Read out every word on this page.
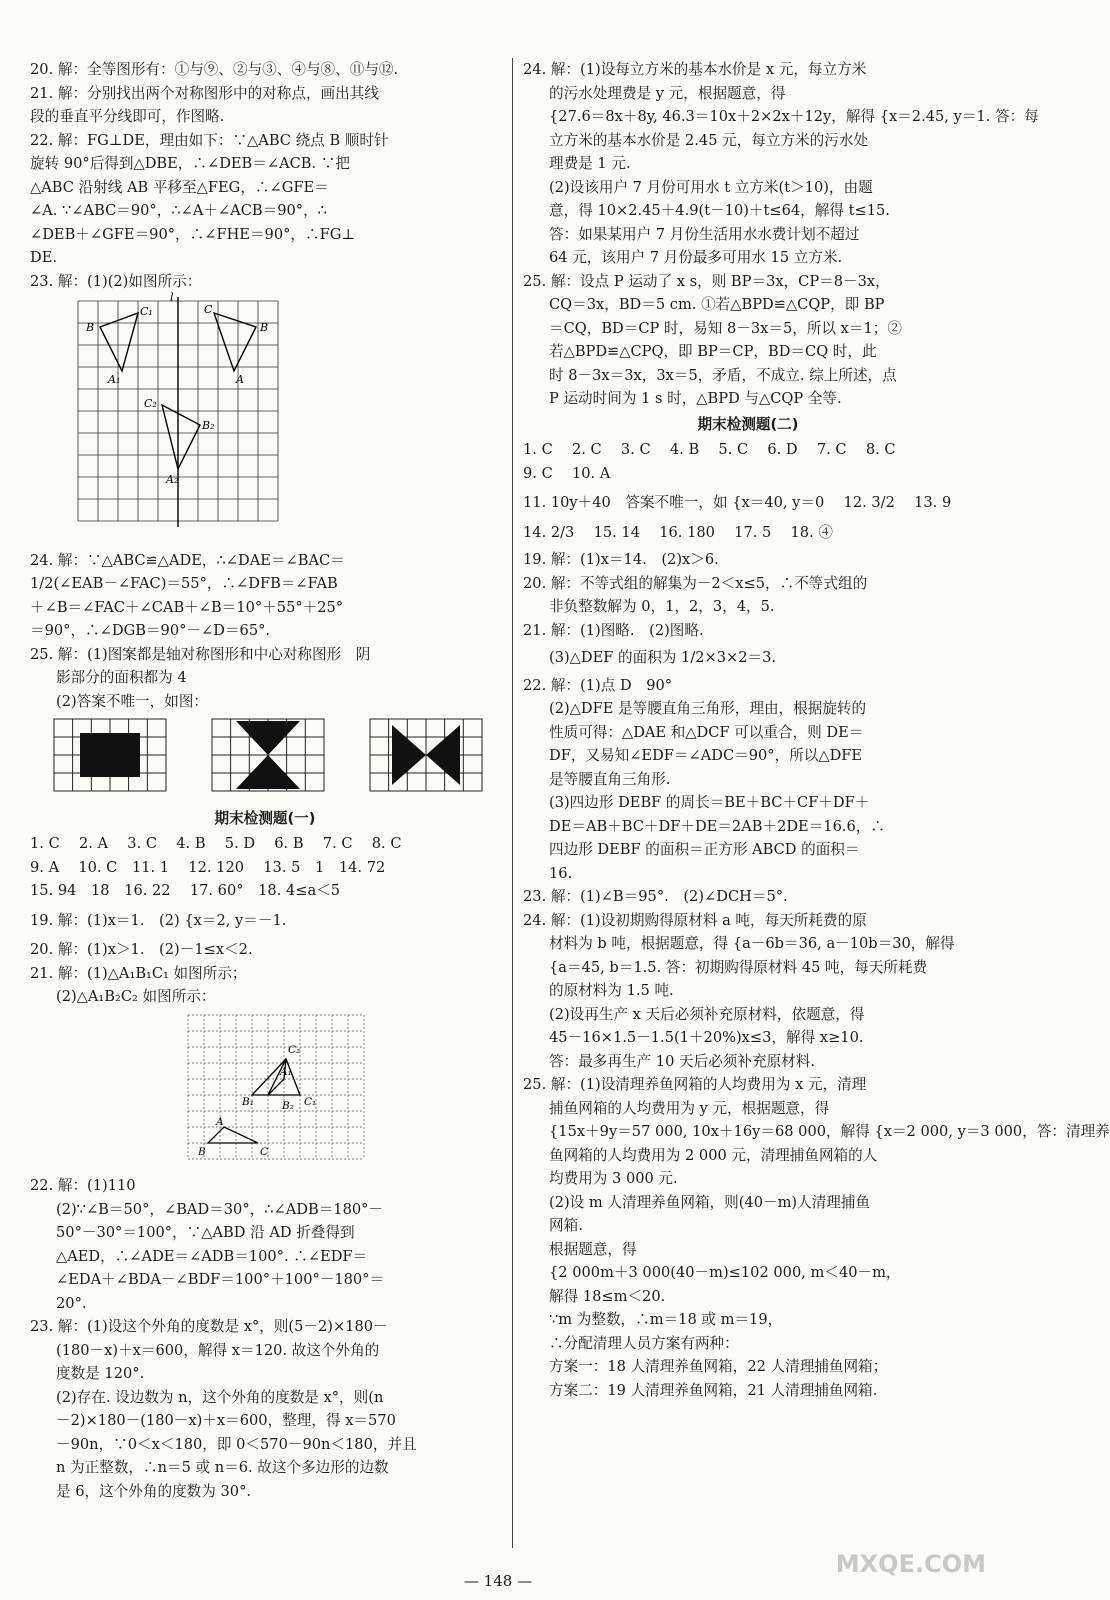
20. 解：全等图形有：①与⑨、②与③、④与⑧、⑪与⑫.
21. 解：分别找出两个对称图形中的对称点，画出其线
段的垂直平分线即可，作图略.
22. 解：FG⊥DE，理由如下：∵△ABC 绕点 B 顺时针
旋转 90°后得到△DBE，∴∠DEB＝∠ACB. ∵把
△ABC 沿射线 AB 平移至△FEG，∴∠GFE＝
∠A. ∵∠ABC＝90°，∴∠A＋∠ACB＝90°，∴
∠DEB＋∠GFE＝90°，∴∠FHE＝90°，∴FG⊥
DE.
23. 解：(1)(2)如图所示：
l
B
C₁
A₁
C
B
A
C₂
B₂
A₂
24. 解：∵△ABC≌△ADE，∴∠DAE＝∠BAC＝
1/2(∠EAB－∠FAC)＝55°，∴∠DFB＝∠FAB
＋∠B＝∠FAC＋∠CAB＋∠B＝10°＋55°＋25°
＝90°，∴∠DGB＝90°－∠D＝65°.
25. 解：(1)图案都是轴对称图形和中心对称图形　阴
影部分的面积都为 4
(2)答案不唯一，如图：
期末检测题(一)
1. C　 2. A　 3. C　 4. B　 5. D　 6. B　 7. C　 8. C
9. A　 10. C　11. 1　 12. 120　 13. 5　1　14. 72
15. 94　18　16. 22　 17. 60°　18. 4≤a＜5
19. 解：(1)x＝1.　(2) {x＝2, y＝－1.
20. 解：(1)x＞1.　(2)－1≤x＜2.
21. 解：(1)△A₁B₁C₁ 如图所示；
(2)△A₁B₂C₂ 如图所示：
C₂
A₁
B₁	B₂ C₁
A
B	C
22. 解：(1)110
(2)∵∠B＝50°，∠BAD＝30°，∴∠ADB＝180°－
50°－30°＝100°，∵△ABD 沿 AD 折叠得到
△AED，∴∠ADE＝∠ADB＝100°. ∴∠EDF＝
∠EDA＋∠BDA－∠BDF＝100°＋100°－180°＝
20°.
23. 解：(1)设这个外角的度数是 x°，则(5－2)×180－
(180－x)＋x＝600，解得 x＝120. 故这个外角的
度数是 120°.
(2)存在. 设边数为 n，这个外角的度数是 x°，则(n
－2)×180－(180－x)＋x＝600，整理，得 x＝570
－90n，∵0＜x＜180，即 0＜570－90n＜180，并且
n 为正整数，∴n＝5 或 n＝6. 故这个多边形的边数
是 6，这个外角的度数为 30°.
24. 解：(1)设每立方米的基本水价是 x 元，每立方米
的污水处理费是 y 元，根据题意，得
{27.6＝8x＋8y, 46.3＝10x＋2×2x＋12y，解得 {x＝2.45, y＝1. 答：每
立方米的基本水价是 2.45 元，每立方米的污水处
理费是 1 元.
(2)设该用户 7 月份可用水 t 立方米(t＞10)，由题
意，得 10×2.45＋4.9(t－10)＋t≤64，解得 t≤15.
答：如果某用户 7 月份生活用水水费计划不超过
64 元，该用户 7 月份最多可用水 15 立方米.
25. 解：设点 P 运动了 x s，则 BP＝3x，CP＝8－3x，
CQ＝3x，BD＝5 cm. ①若△BPD≌△CQP，即 BP
＝CQ，BD＝CP 时，易知 8－3x＝5，所以 x＝1；②
若△BPD≌△CPQ，即 BP＝CP，BD＝CQ 时，此
时 8－3x＝3x，3x＝5，矛盾，不成立. 综上所述，点
P 运动时间为 1 s 时，△BPD 与△CQP 全等.
期末检测题(二)
1. C　 2. C　 3. C　 4. B　 5. C　 6. D　 7. C　 8. C
9. C　 10. A
11. 10y＋40　答案不唯一，如 {x＝40, y＝0　 12. 3/2　 13. 9
14. 2/3　 15. 14　 16. 180　 17. 5　 18. ④
19. 解：(1)x＝14.　(2)x＞6.
20. 解：不等式组的解集为－2＜x≤5，∴不等式组的
非负整数解为 0，1，2，3，4，5.
21. 解：(1)图略.　(2)图略.
(3)△DEF 的面积为 1/2×3×2＝3.
22. 解：(1)点 D　90°
(2)△DFE 是等腰直角三角形，理由，根据旋转的
性质可得：△DAE 和△DCF 可以重合，则 DE＝
DF，又易知∠EDF＝∠ADC＝90°，所以△DFE
是等腰直角三角形.
(3)四边形 DEBF 的周长＝BE＋BC＋CF＋DF＋
DE＝AB＋BC＋DF＋DE＝2AB＋2DE＝16.6，∴
四边形 DEBF 的面积＝正方形 ABCD 的面积＝
16.
23. 解：(1)∠B＝95°.　(2)∠DCH＝5°.
24. 解：(1)设初期购得原材料 a 吨，每天所耗费的原
材料为 b 吨，根据题意，得 {a－6b＝36, a－10b＝30，解得
{a＝45, b＝1.5. 答：初期购得原材料 45 吨，每天所耗费
的原材料为 1.5 吨.
(2)设再生产 x 天后必须补充原材料，依题意，得
45－16×1.5－1.5(1＋20%)x≤3，解得 x≥10.
答：最多再生产 10 天后必须补充原材料.
25. 解：(1)设清理养鱼网箱的人均费用为 x 元，清理
捕鱼网箱的人均费用为 y 元，根据题意，得
{15x＋9y＝57 000, 10x＋16y＝68 000，解得 {x＝2 000, y＝3 000，答：清理养
鱼网箱的人均费用为 2 000 元，清理捕鱼网箱的人
均费用为 3 000 元.
(2)设 m 人清理养鱼网箱，则(40－m)人清理捕鱼
网箱.
根据题意，得
{2 000m＋3 000(40－m)≤102 000, m＜40－m，
解得 18≤m＜20.
∵m 为整数，∴m＝18 或 m＝19，
∴分配清理人员方案有两种：
方案一：18 人清理养鱼网箱，22 人清理捕鱼网箱；
方案二：19 人清理养鱼网箱，21 人清理捕鱼网箱.
— 148 —
MXQE.COM
